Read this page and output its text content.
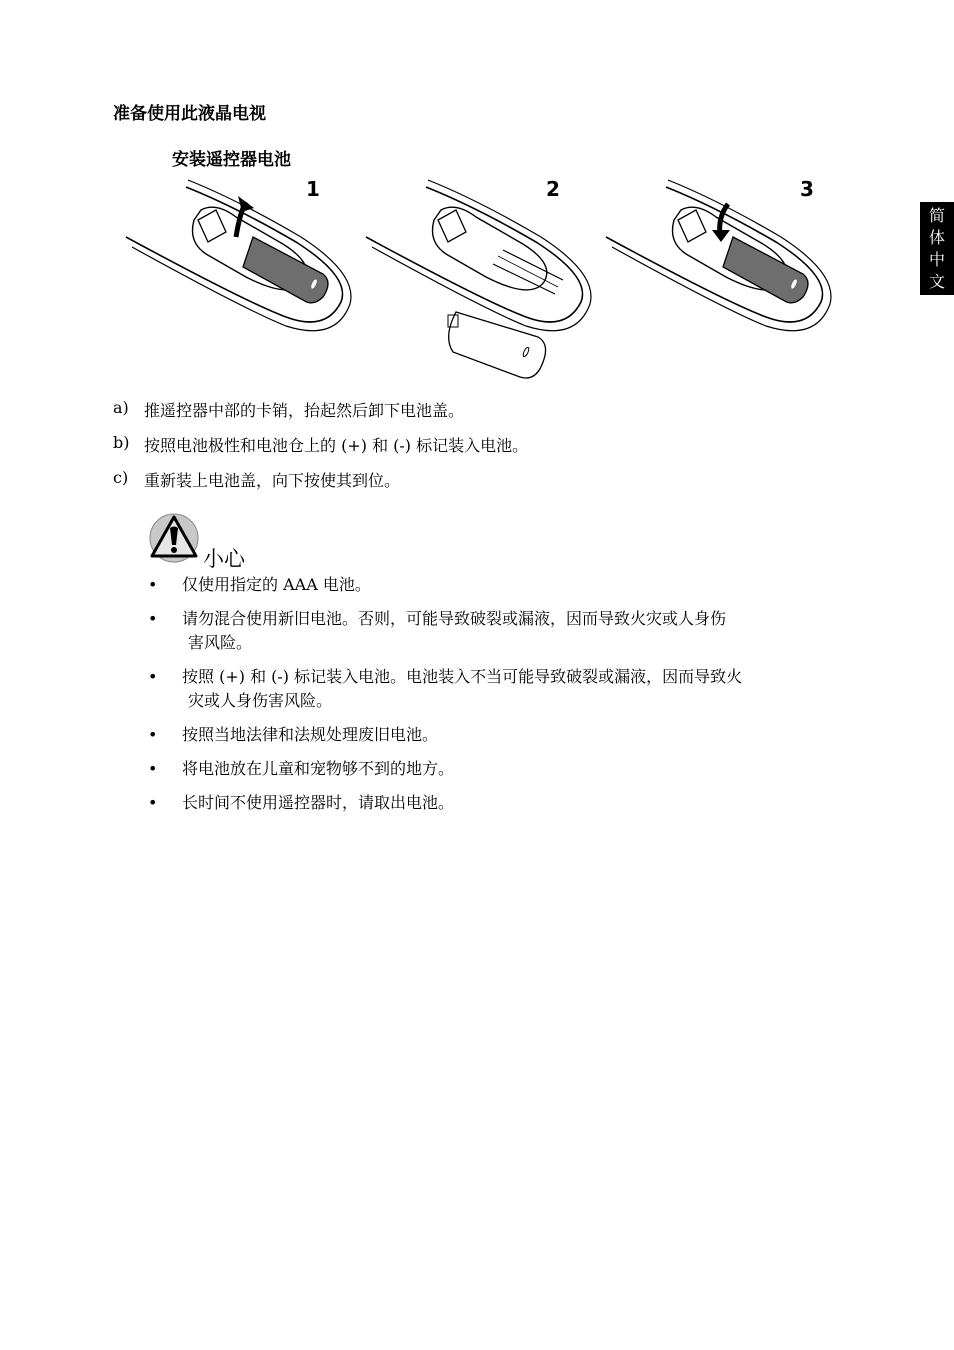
准备使用此液晶电视
安装遥控器电池
1	2	3
a) 推遥控器中部的卡销，抬起然后卸下电池盖。
b) 按照电池极性和电池仓上的 (+) 和 (-) 标记装入电池。
c) 重新装上电池盖，向下按使其到位。
小心
•	仅使用指定的 AAA 电池。
•	请勿混合使用新旧电池。否则，可能导致破裂或漏液，因而导致火灾或人身伤
害风险。
•	按照 (+) 和 (-) 标记装入电池。电池装入不当可能导致破裂或漏液，因而导致火
灾或人身伤害风险。
•	按照当地法律和法规处理废旧电池。
•	将电池放在儿童和宠物够不到的地方。
•	长时间不使用遥控器时，请取出电池。
简
体
中
文
